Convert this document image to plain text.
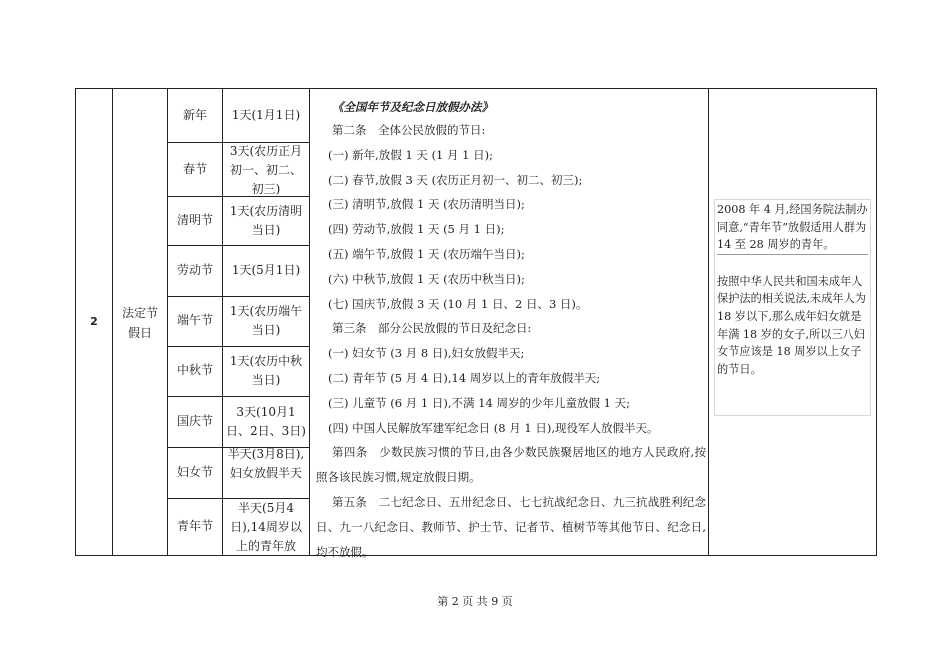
2
法定节假日
新年
春节
清明节
劳动节
端午节
中秋节
国庆节
妇女节
青年节
1天(1月1日)
3天(农历正月初一、初二、初三)
1天(农历清明当日)
1天(5月1日)
1天(农历端午当日)
1天(农历中秋当日)
3天(10月1日、2日、3日)
半天(3月8日),妇女放假半天
半天(5月4日),14周岁以上的青年放
《全国年节及纪念日放假办法》
第二条　全体公民放假的节日:
(一) 新年,放假 1 天 (1 月 1 日);
(二) 春节,放假 3 天 (农历正月初一、初二、初三);
(三) 清明节,放假 1 天 (农历清明当日);
(四) 劳动节,放假 1 天 (5 月 1 日);
(五) 端午节,放假 1 天 (农历端午当日);
(六) 中秋节,放假 1 天 (农历中秋当日);
(七) 国庆节,放假 3 天 (10 月 1 日、2 日、3 日)。
第三条　部分公民放假的节日及纪念日:
(一) 妇女节 (3 月 8 日),妇女放假半天;
(二) 青年节 (5 月 4 日),14 周岁以上的青年放假半天;
(三) 儿童节 (6 月 1 日),不满 14 周岁的少年儿童放假 1 天;
(四) 中国人民解放军建军纪念日 (8 月 1 日),现役军人放假半天。
第四条　少数民族习惯的节日,由各少数民族聚居地区的地方人民政府,按照各该民族习惯,规定放假日期。
第五条　二七纪念日、五卅纪念日、七七抗战纪念日、九三抗战胜利纪念日、九一八纪念日、教师节、护士节、记者节、植树节等其他节日、纪念日,均不放假。
2008 年 4 月,经国务院法制办同意,“青年节”放假适用人群为 14 至 28 周岁的青年。
按照中华人民共和国未成年人保护法的相关说法,未成年人为 18 岁以下,那么成年妇女就是年满 18 岁的女子,所以三八妇女节应该是 18 周岁以上女子的节日。
第 2 页 共 9 页
